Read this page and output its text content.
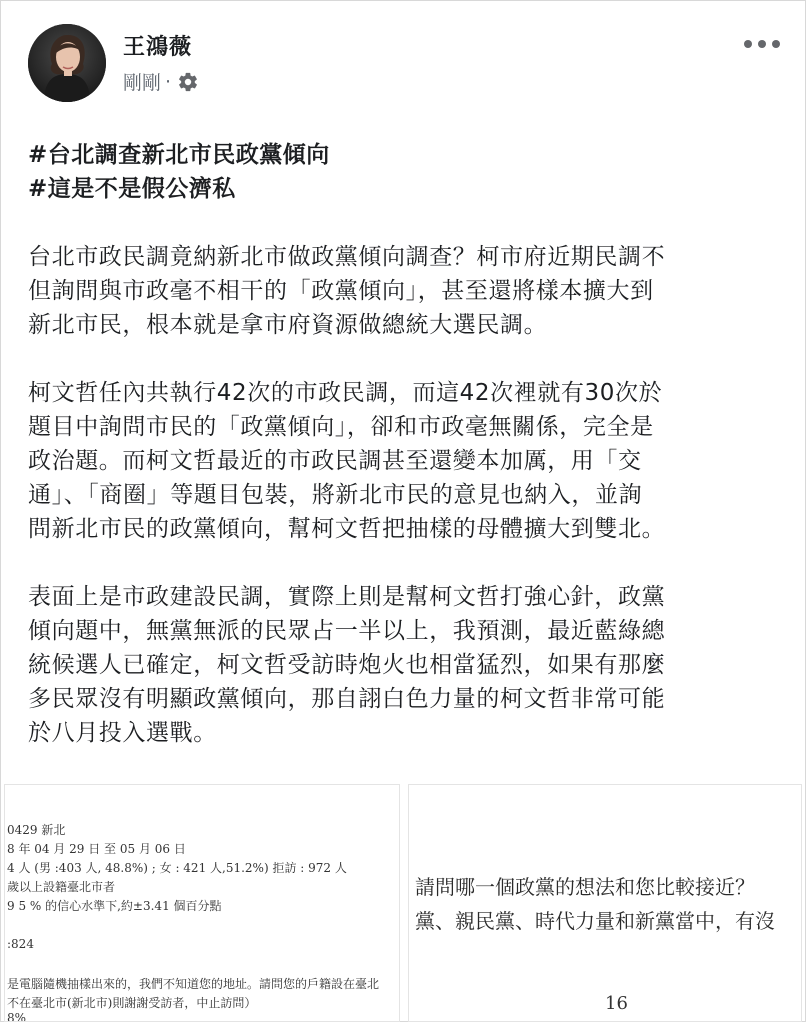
王鴻薇
剛剛 ·
#台北調查新北市民政黨傾向
#這是不是假公濟私

台北市政民調竟納新北市做政黨傾向調查？柯市府近期民調不
但詢問與市政毫不相干的「政黨傾向」，甚至還將樣本擴大到
新北市民，根本就是拿市府資源做總統大選民調。

柯文哲任內共執行42次的市政民調，而這42次裡就有30次於
題目中詢問市民的「政黨傾向」，卻和市政毫無關係，完全是
政治題。而柯文哲最近的市政民調甚至還變本加厲，用「交
通」、「商圈」等題目包裝，將新北市民的意見也納入，並詢
問新北市民的政黨傾向，幫柯文哲把抽樣的母體擴大到雙北。

表面上是市政建設民調，實際上則是幫柯文哲打強心針，政黨
傾向題中，無黨無派的民眾占一半以上，我預測，最近藍綠總
統候選人已確定，柯文哲受訪時炮火也相當猛烈，如果有那麼
多民眾沒有明顯政黨傾向，那自詡白色力量的柯文哲非常可能
於八月投入選戰。

0429 新北
8 年 04 月 29 日 至 05 月 06 日
4 人 (男 :403 人, 48.8%) ; 女 : 421 人,51.2%) 拒訪 : 972 人
歲以上設籍臺北市者
9 5 % 的信心水準下,約±3.41 個百分點
:824
是電腦隨機抽樣出來的，我們不知道您的地址。請問您的戶籍設在臺北
不在臺北市(新北市)則謝謝受訪者，中止訪問）
8%
請問哪一個政黨的想法和您比較接近？
黨、親民黨、時代力量和新黨當中，有沒
16
